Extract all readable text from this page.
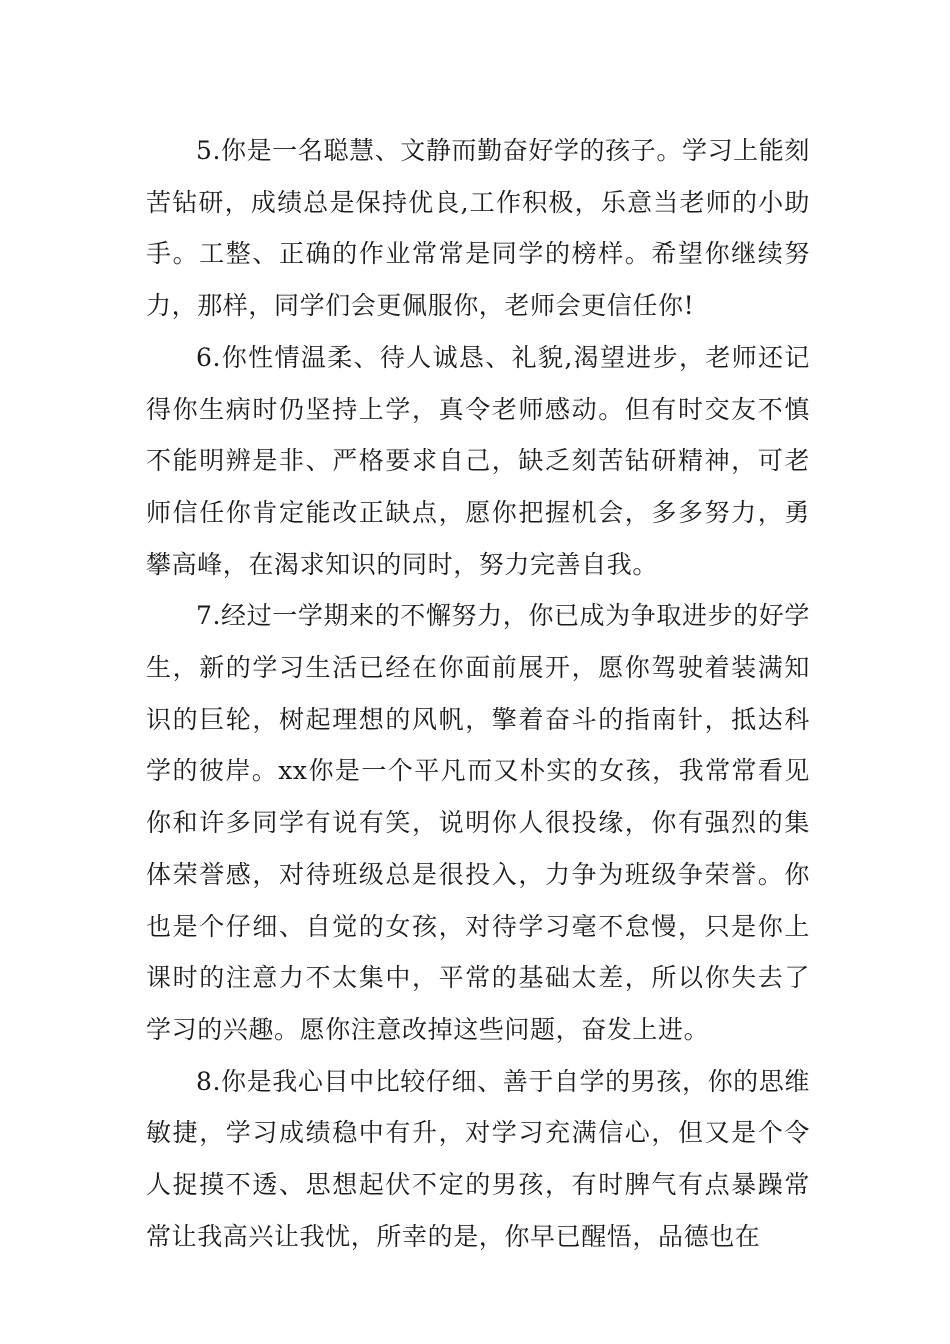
5.你是一名聪慧、文静而勤奋好学的孩子。学习上能刻苦钻研，成绩总是保持优良,工作积极，乐意当老师的小助手。工整、正确的作业常常是同学的榜样。希望你继续努力，那样，同学们会更佩服你，老师会更信任你!

6.你性情温柔、待人诚恳、礼貌,渴望进步，老师还记得你生病时仍坚持上学，真令老师感动。但有时交友不慎不能明辨是非、严格要求自己，缺乏刻苦钻研精神，可老师信任你肯定能改正缺点，愿你把握机会，多多努力，勇攀高峰，在渴求知识的同时，努力完善自我。

7.经过一学期来的不懈努力，你已成为争取进步的好学生，新的学习生活已经在你面前展开，愿你驾驶着装满知识的巨轮，树起理想的风帆，擎着奋斗的指南针，抵达科学的彼岸。xx你是一个平凡而又朴实的女孩，我常常看见你和许多同学有说有笑，说明你人很投缘，你有强烈的集体荣誉感，对待班级总是很投入，力争为班级争荣誉。你也是个仔细、自觉的女孩，对待学习毫不怠慢，只是你上课时的注意力不太集中，平常的基础太差，所以你失去了学习的兴趣。愿你注意改掉这些问题，奋发上进。

8.你是我心目中比较仔细、善于自学的男孩，你的思维敏捷，学习成绩稳中有升，对学习充满信心，但又是个令人捉摸不透、思想起伏不定的男孩，有时脾气有点暴躁常常让我高兴让我忧，所幸的是，你早已醒悟，品德也在
